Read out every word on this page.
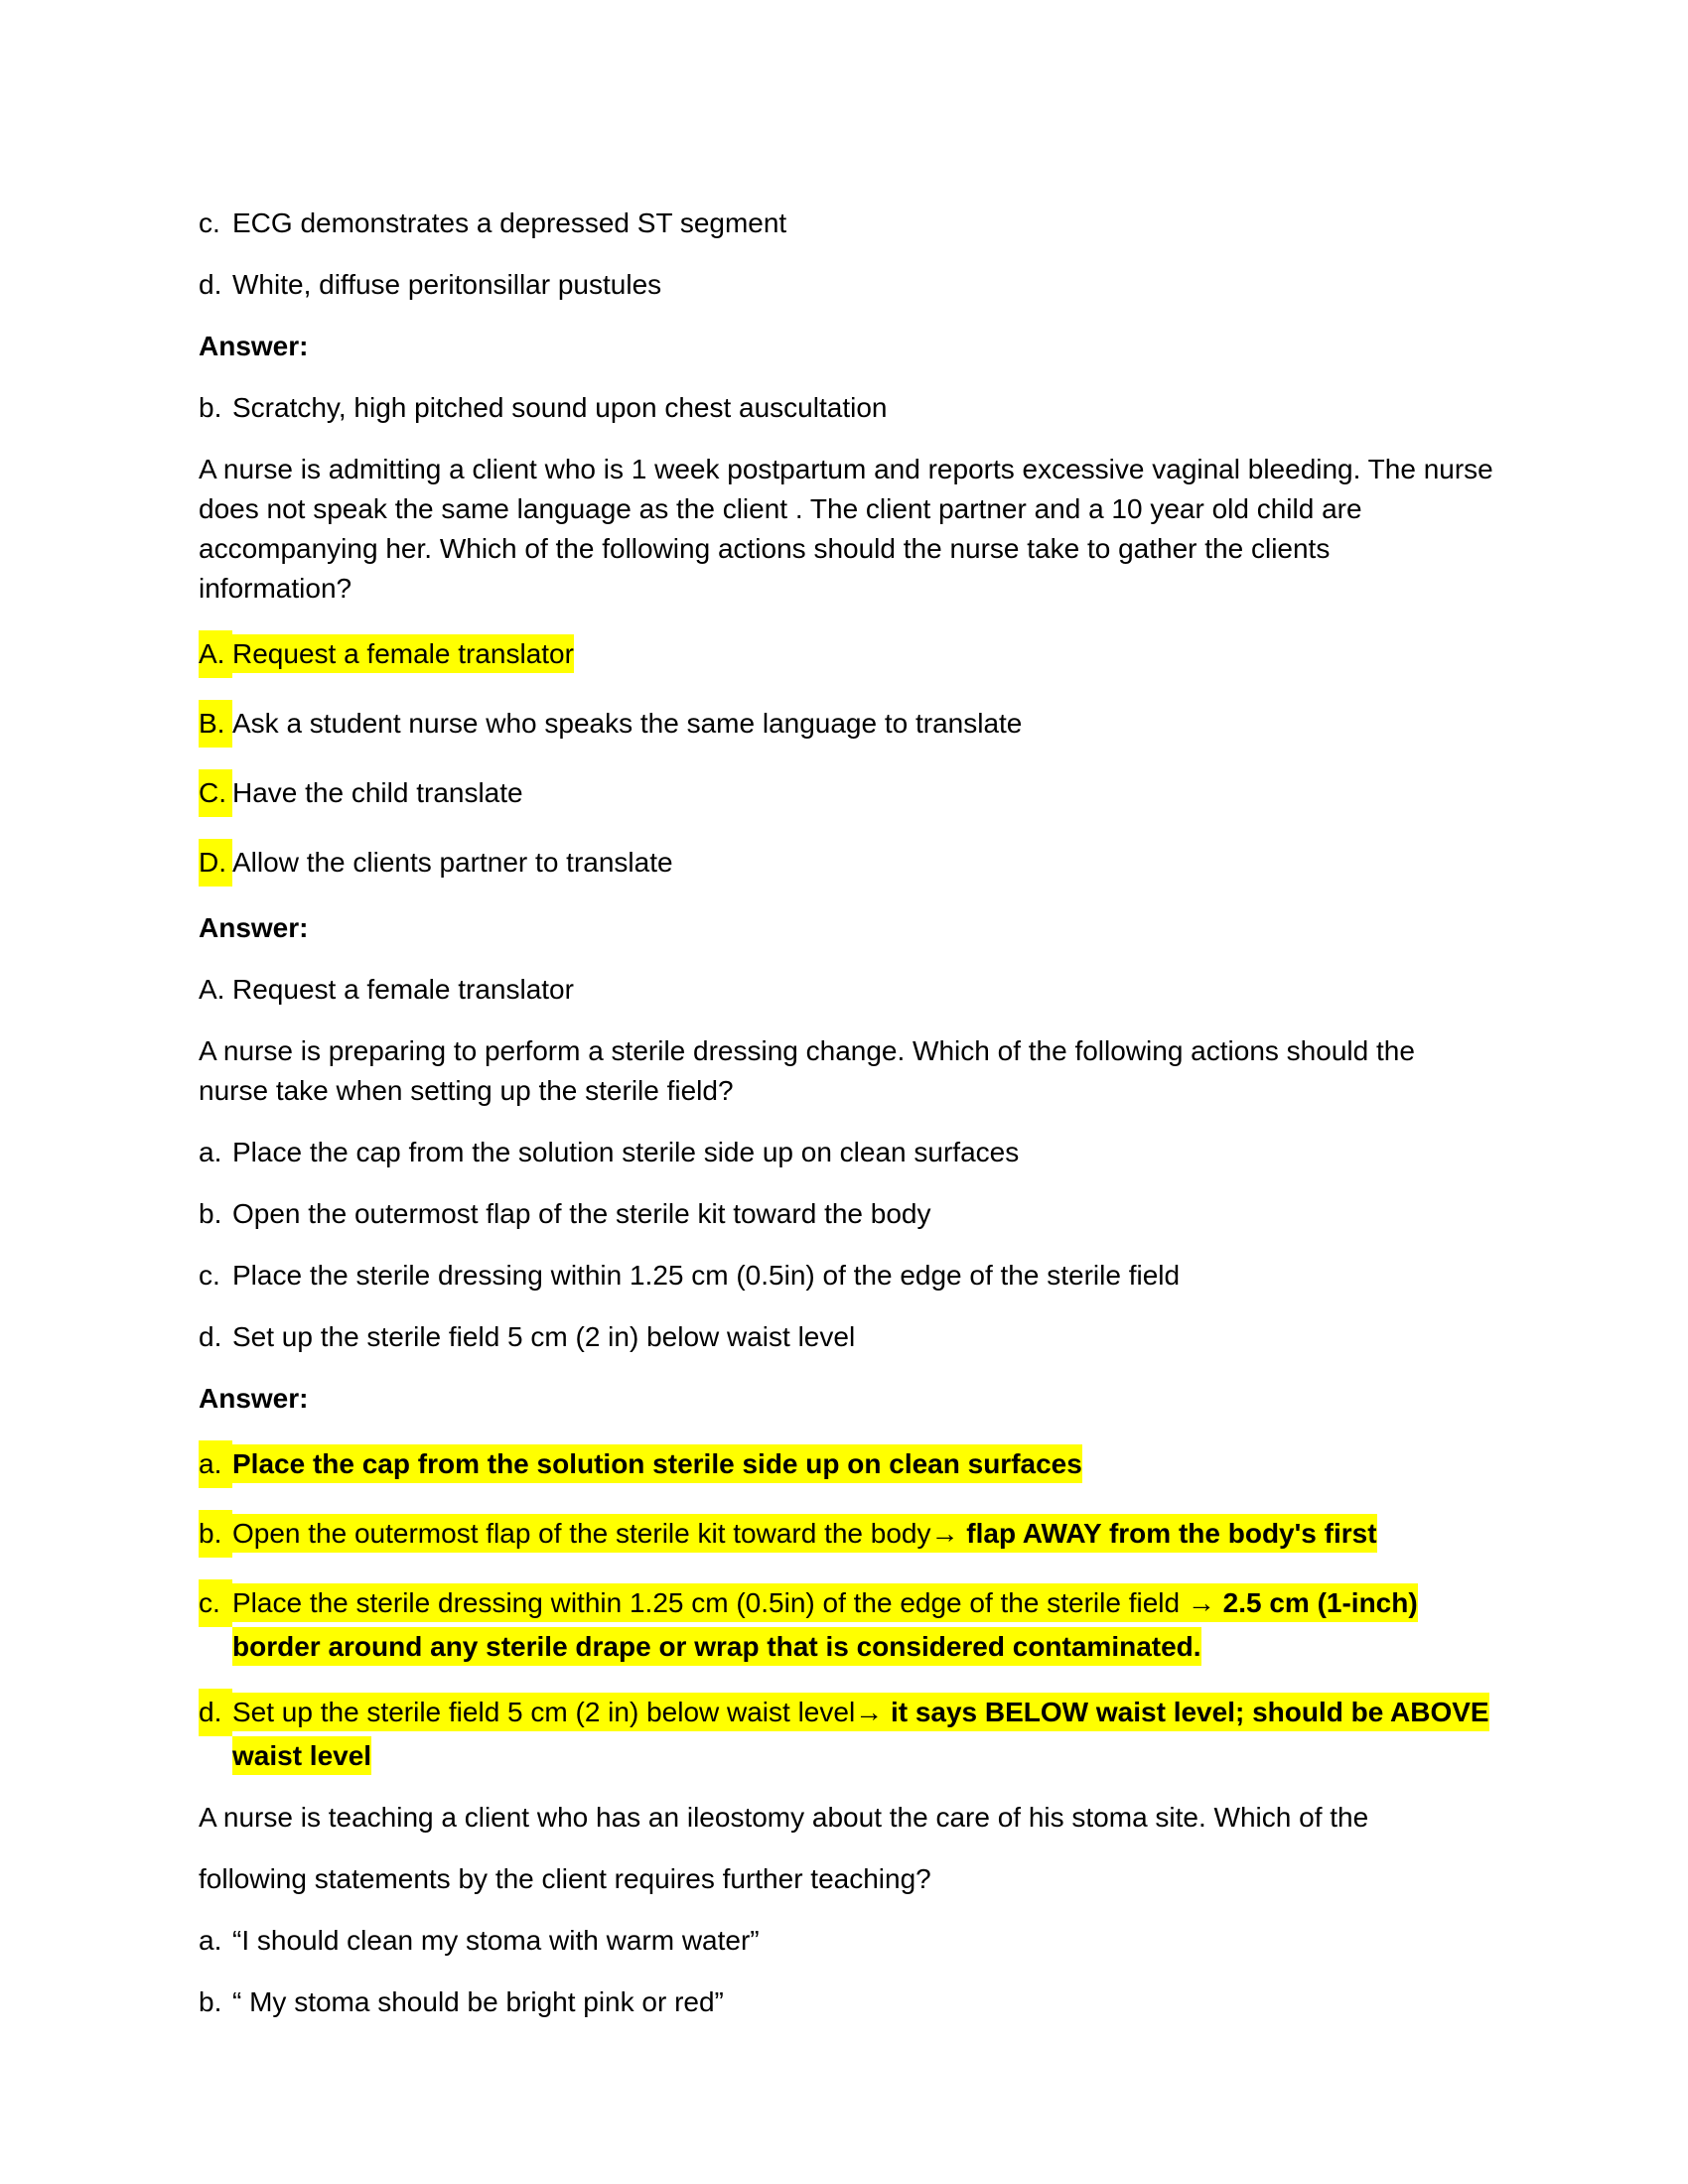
c. ECG demonstrates a depressed ST segment
d. White, diffuse peritonsillar pustules
Answer:
b. Scratchy, high pitched sound upon chest auscultation
A nurse is admitting a client who is 1 week postpartum and reports excessive vaginal bleeding. The nurse
does not speak the same language as the client . The client partner and a 10 year old child are
accompanying her. Which of the following actions should the nurse take to gather the clients
information?
A. Request a female translator
B. Ask a student nurse who speaks the same language to translate
C. Have the child translate
D. Allow the clients partner to translate
Answer:
A. Request a female translator
A nurse is preparing to perform a sterile dressing change. Which of the following actions should the
nurse take when setting up the sterile field?
a. Place the cap from the solution sterile side up on clean surfaces
b. Open the outermost flap of the sterile kit toward the body
c. Place the sterile dressing within 1.25 cm (0.5in) of the edge of the sterile field
d. Set up the sterile field 5 cm (2 in) below waist level
Answer:
a. Place the cap from the solution sterile side up on clean surfaces
b. Open the outermost flap of the sterile kit toward the body→ flap AWAY from the body's first
c. Place the sterile dressing within 1.25 cm (0.5in) of the edge of the sterile field → 2.5 cm (1-inch)
border around any sterile drape or wrap that is considered contaminated.
d. Set up the sterile field 5 cm (2 in) below waist level→ it says BELOW waist level; should be ABOVE
waist level
A nurse is teaching a client who has an ileostomy about the care of his stoma site. Which of the
following statements by the client requires further teaching?
a. “I should clean my stoma with warm water”
b. “ My stoma should be bright pink or red”
